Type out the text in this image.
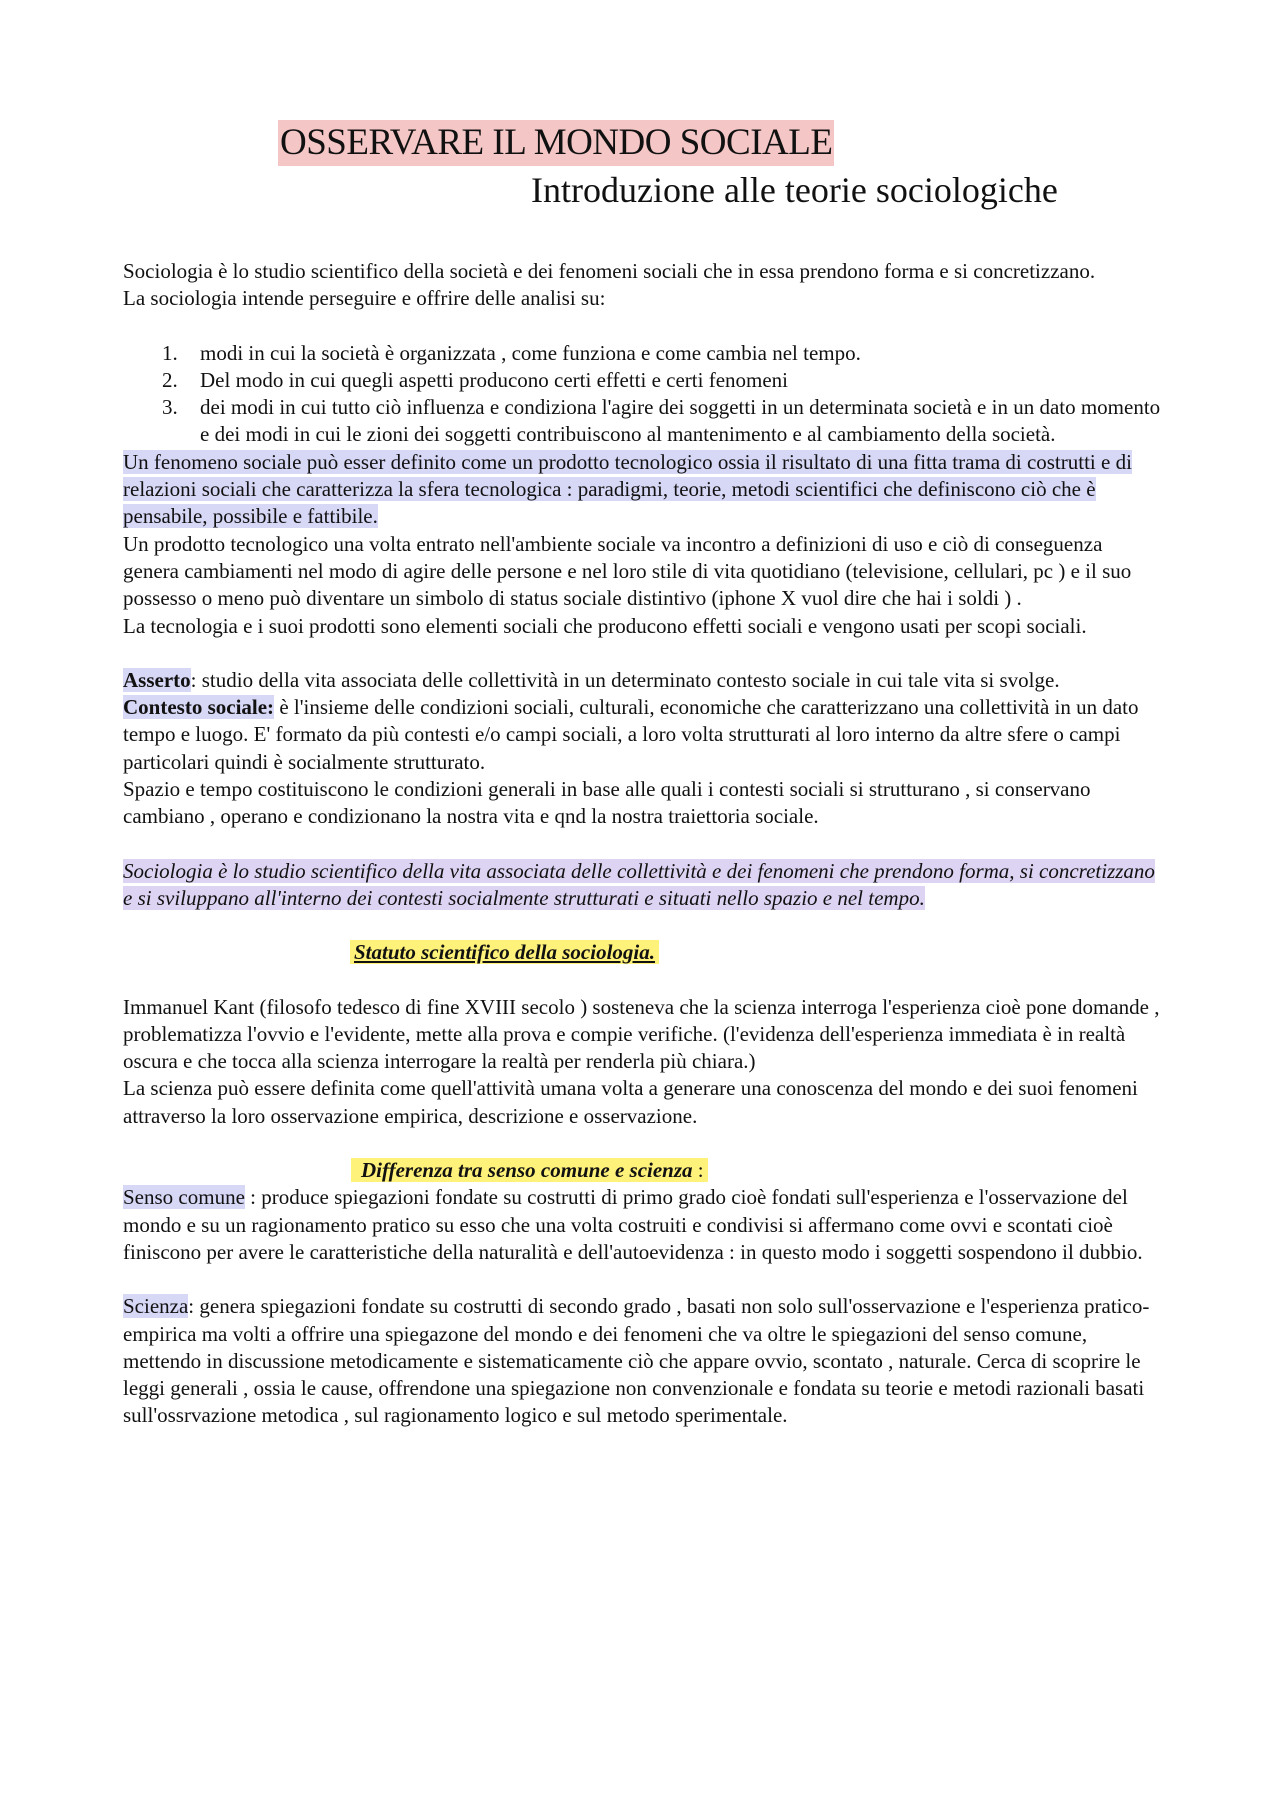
OSSERVARE IL MONDO SOCIALE
Introduzione alle teorie sociologiche

Sociologia è lo studio scientifico della società e dei fenomeni sociali che in essa prendono forma e si concretizzano.

La sociologia intende perseguire e offrire delle analisi su:

1. modi in cui la società è organizzata , come funziona e come cambia nel tempo.
2. Del modo in cui quegli aspetti producono certi effetti e certi fenomeni
3. dei modi in cui tutto ciò influenza e condiziona l'agire dei soggetti in un determinata società e in un dato momento e dei modi in cui le zioni dei soggetti contribuiscono al mantenimento e al cambiamento della società.

Un fenomeno sociale può esser definito come un prodotto tecnologico ossia il risultato di una fitta trama di costrutti e di relazioni sociali che caratterizza la sfera tecnologica : paradigmi, teorie, metodi scientifici che definiscono ciò che è pensabile, possibile e fattibile.

Un prodotto tecnologico una volta entrato nell'ambiente sociale va incontro a definizioni di uso e ciò di conseguenza genera cambiamenti nel modo di agire delle persone e nel loro stile di vita quotidiano (televisione, cellulari, pc ) e il suo possesso o meno può diventare un simbolo di status sociale distintivo (iphone X vuol dire che hai i soldi ) .

La tecnologia e i suoi prodotti sono elementi sociali che producono effetti sociali e vengono usati per scopi sociali.

Asserto: studio della vita associata delle collettività in un determinato contesto sociale in cui tale vita si svolge.

Contesto sociale: è l'insieme delle condizioni sociali, culturali, economiche che caratterizzano una collettività in un dato tempo e luogo. E' formato da più contesti e/o campi sociali, a loro volta strutturati al loro interno da altre sfere o campi particolari quindi è socialmente strutturato.

Spazio e tempo costituiscono le condizioni generali in base alle quali i contesti sociali si strutturano , si conservano cambiano , operano e condizionano la nostra vita e qnd la nostra traiettoria sociale.

Sociologia è lo studio scientifico della vita associata delle collettività e dei fenomeni che prendono forma, si concretizzano e si sviluppano all'interno dei contesti socialmente strutturati e situati nello spazio e nel tempo.

Statuto scientifico della sociologia.

Immanuel Kant (filosofo tedesco di fine XVIII secolo ) sosteneva che la scienza interroga l'esperienza cioè pone domande , problematizza l'ovvio e l'evidente, mette alla prova e compie verifiche. (l'evidenza dell'esperienza immediata è in realtà oscura e che tocca alla scienza interrogare la realtà per renderla più chiara.)

La scienza può essere definita come quell'attività umana volta a generare una conoscenza del mondo e dei suoi fenomeni attraverso la loro osservazione empirica, descrizione e osservazione.

Differenza tra senso comune e scienza :

Senso comune : produce spiegazioni fondate su costrutti di primo grado cioè fondati sull'esperienza e l'osservazione del mondo e su un ragionamento pratico su esso che una volta costruiti e condivisi si affermano come ovvi e scontati cioè finiscono per avere le caratteristiche della naturalità e dell'autoevidenza : in questo modo i soggetti sospendono il dubbio.

Scienza: genera spiegazioni fondate su costrutti di secondo grado , basati non solo sull'osservazione e l'esperienza pratico-empirica ma volti a offrire una spiegazone del mondo e dei fenomeni che va oltre le spiegazioni del senso comune, mettendo in discussione metodicamente e sistematicamente ciò che appare ovvio, scontato , naturale. Cerca di scoprire le leggi generali , ossia le cause, offrendone una spiegazione non convenzionale e fondata su teorie e metodi razionali basati sull'ossrvazione metodica , sul ragionamento logico e sul metodo sperimentale.
